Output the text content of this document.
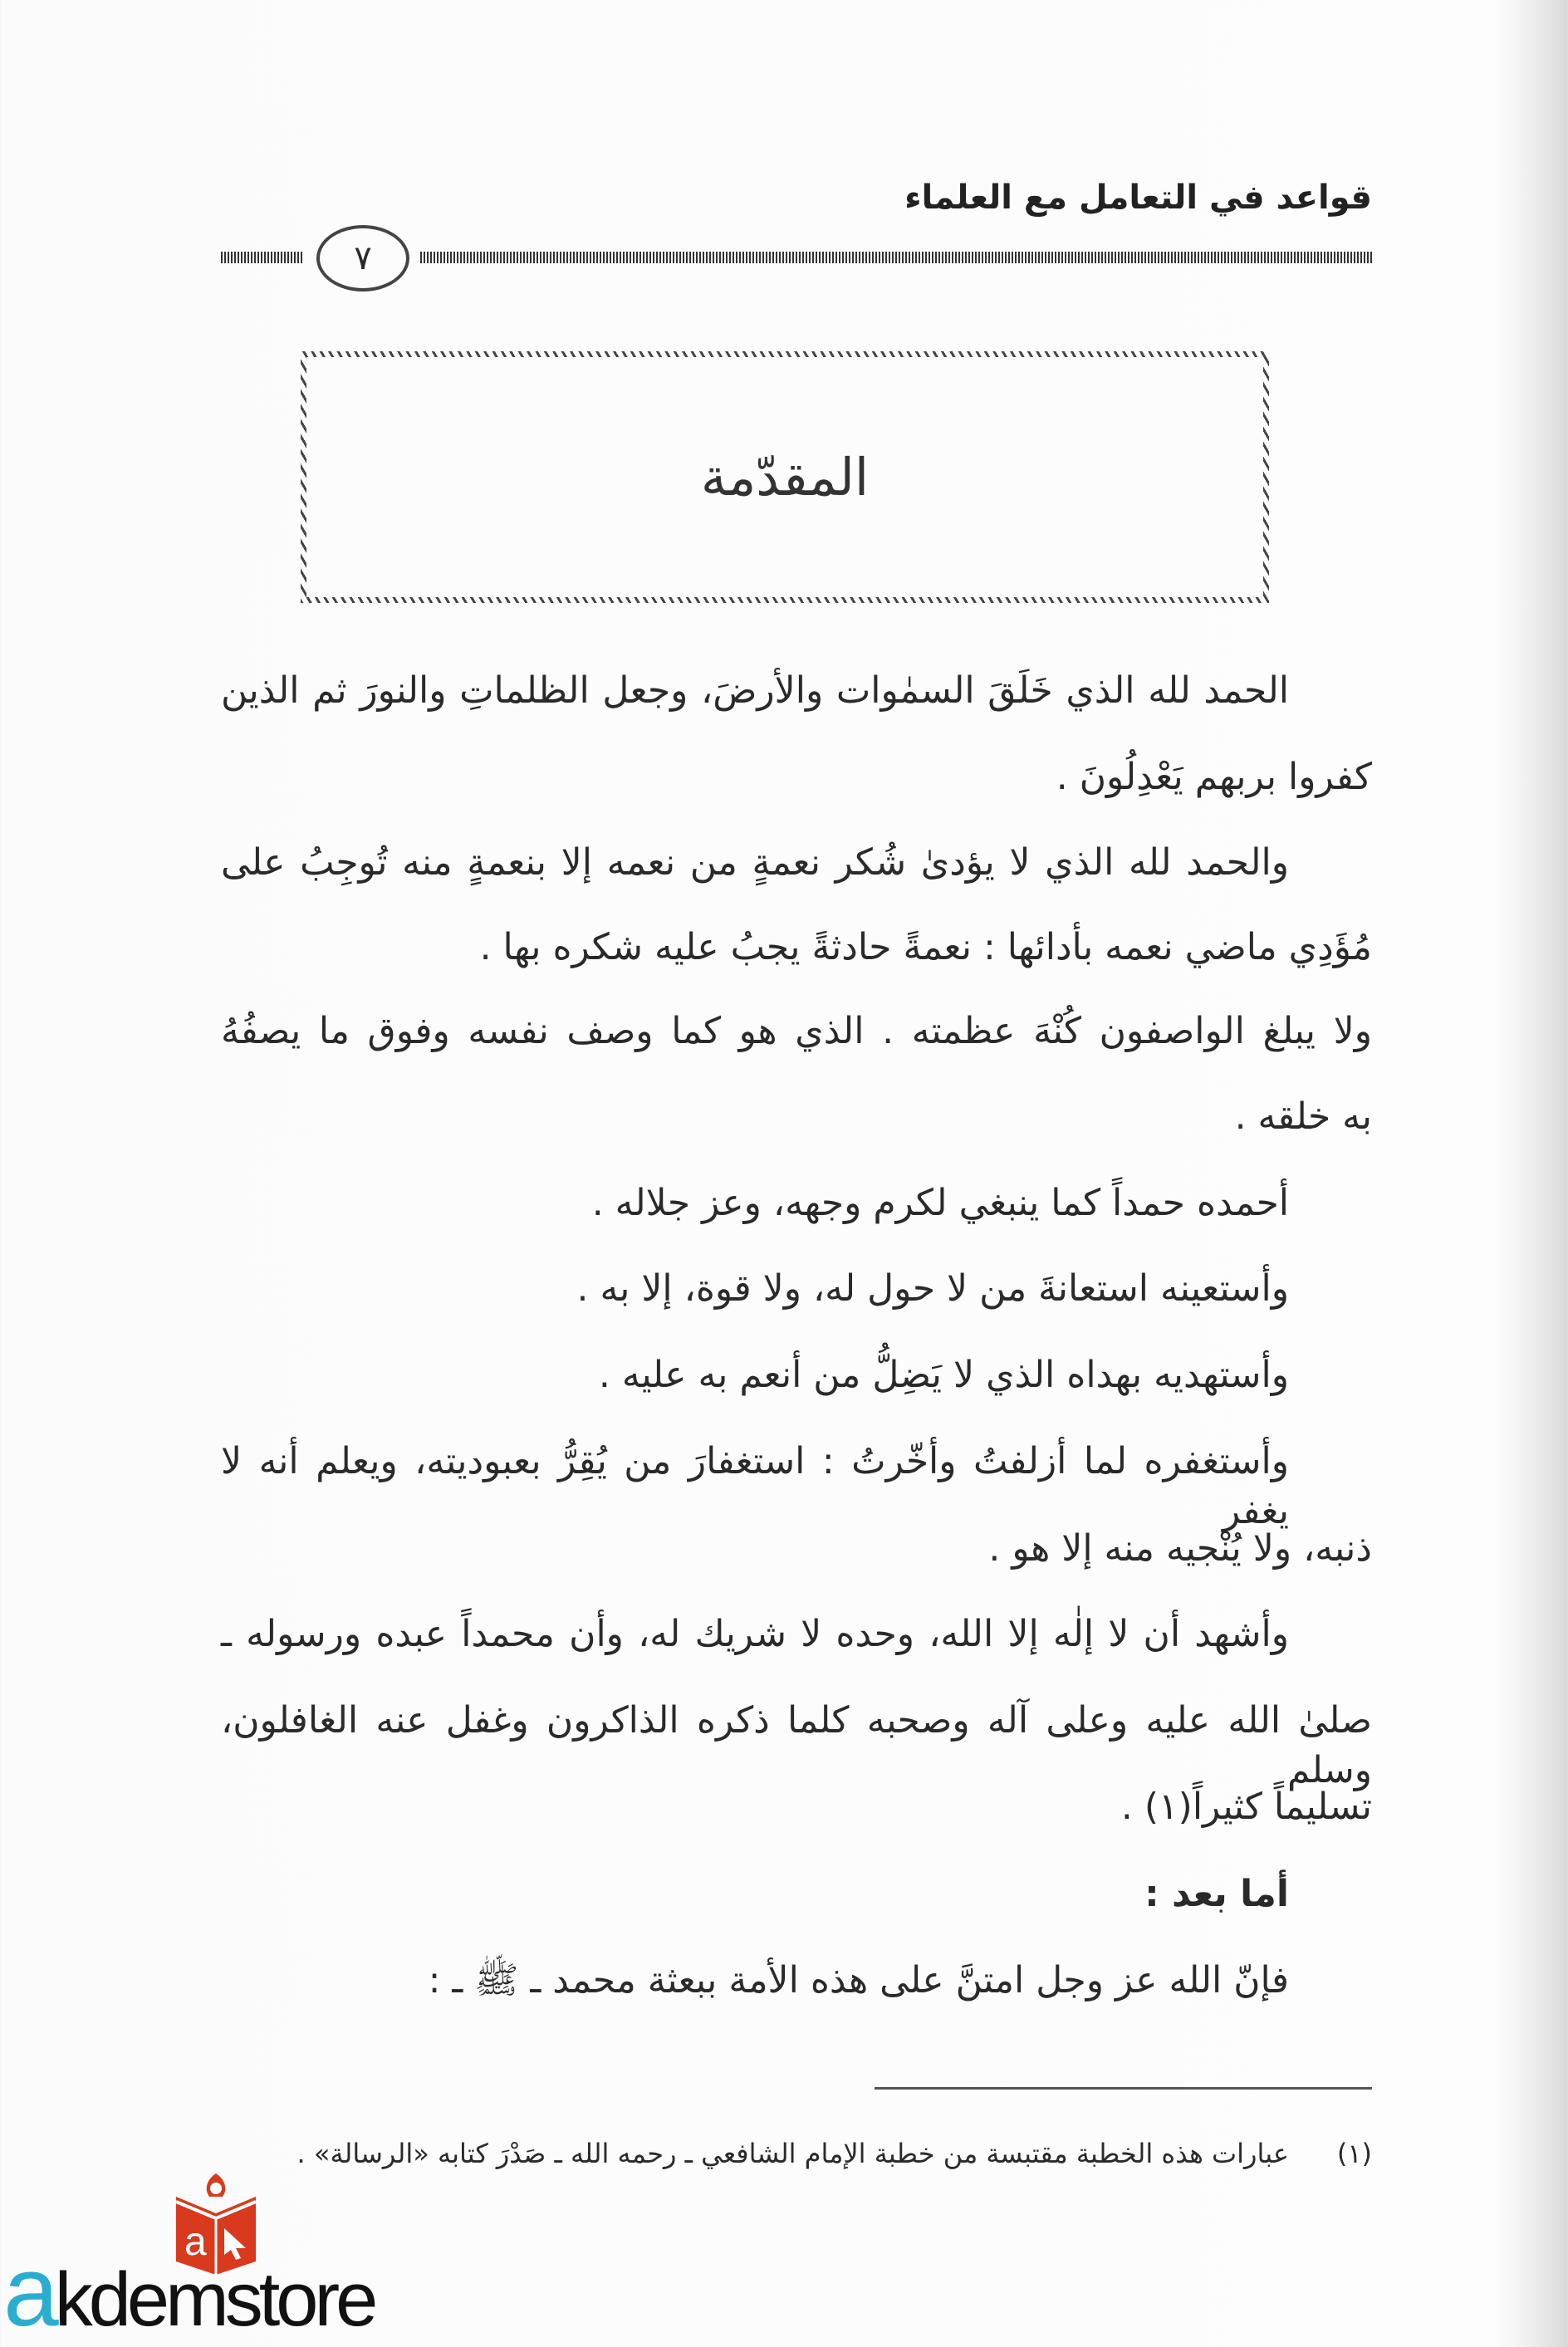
قواعد في التعامل مع العلماء
٧
المقدّمة
الحمد لله الذي خَلَقَ السمٰوات والأرضَ، وجعل الظلماتِ والنورَ ثم الذين
كفروا بربهم يَعْدِلُونَ .
والحمد لله الذي لا يؤدىٰ شُكر نعمةٍ من نعمه إلا بنعمةٍ منه تُوجِبُ على
مُؤَدِي ماضي نعمه بأدائها : نعمةً حادثةً يجبُ عليه شكره بها .
ولا يبلغ الواصفون كُنْهَ عظمته . الذي هو كما وصف نفسه وفوق ما يصفُهُ
به خلقه .
أحمده حمداً كما ينبغي لكرم وجهه، وعز جلاله .
وأستعينه استعانةَ من لا حول له، ولا قوة، إلا به .
وأستهديه بهداه الذي لا يَضِلُّ من أنعم به عليه .
وأستغفره لما أزلفتُ وأخّرتُ : استغفارَ من يُقِرُّ بعبوديته، ويعلم أنه لا يغفر
ذنبه، ولا يُنْجيه منه إلا هو .
وأشهد أن لا إلٰه إلا الله، وحده لا شريك له، وأن محمداً عبده ورسوله ـ
صلىٰ الله عليه وعلى آله وصحبه كلما ذكره الذاكرون وغفل عنه الغافلون، وسلم
تسليماً كثيراً(١) .
أما بعد :
فإنّ الله عز وجل امتنَّ على هذه الأمة ببعثة محمد ـ ﷺ ـ :
(١)
عبارات هذه الخطبة مقتبسة من خطبة الإمام الشافعي ـ رحمه الله ـ صَدْرَ كتابه «الرسالة» .
a
akdemstore
